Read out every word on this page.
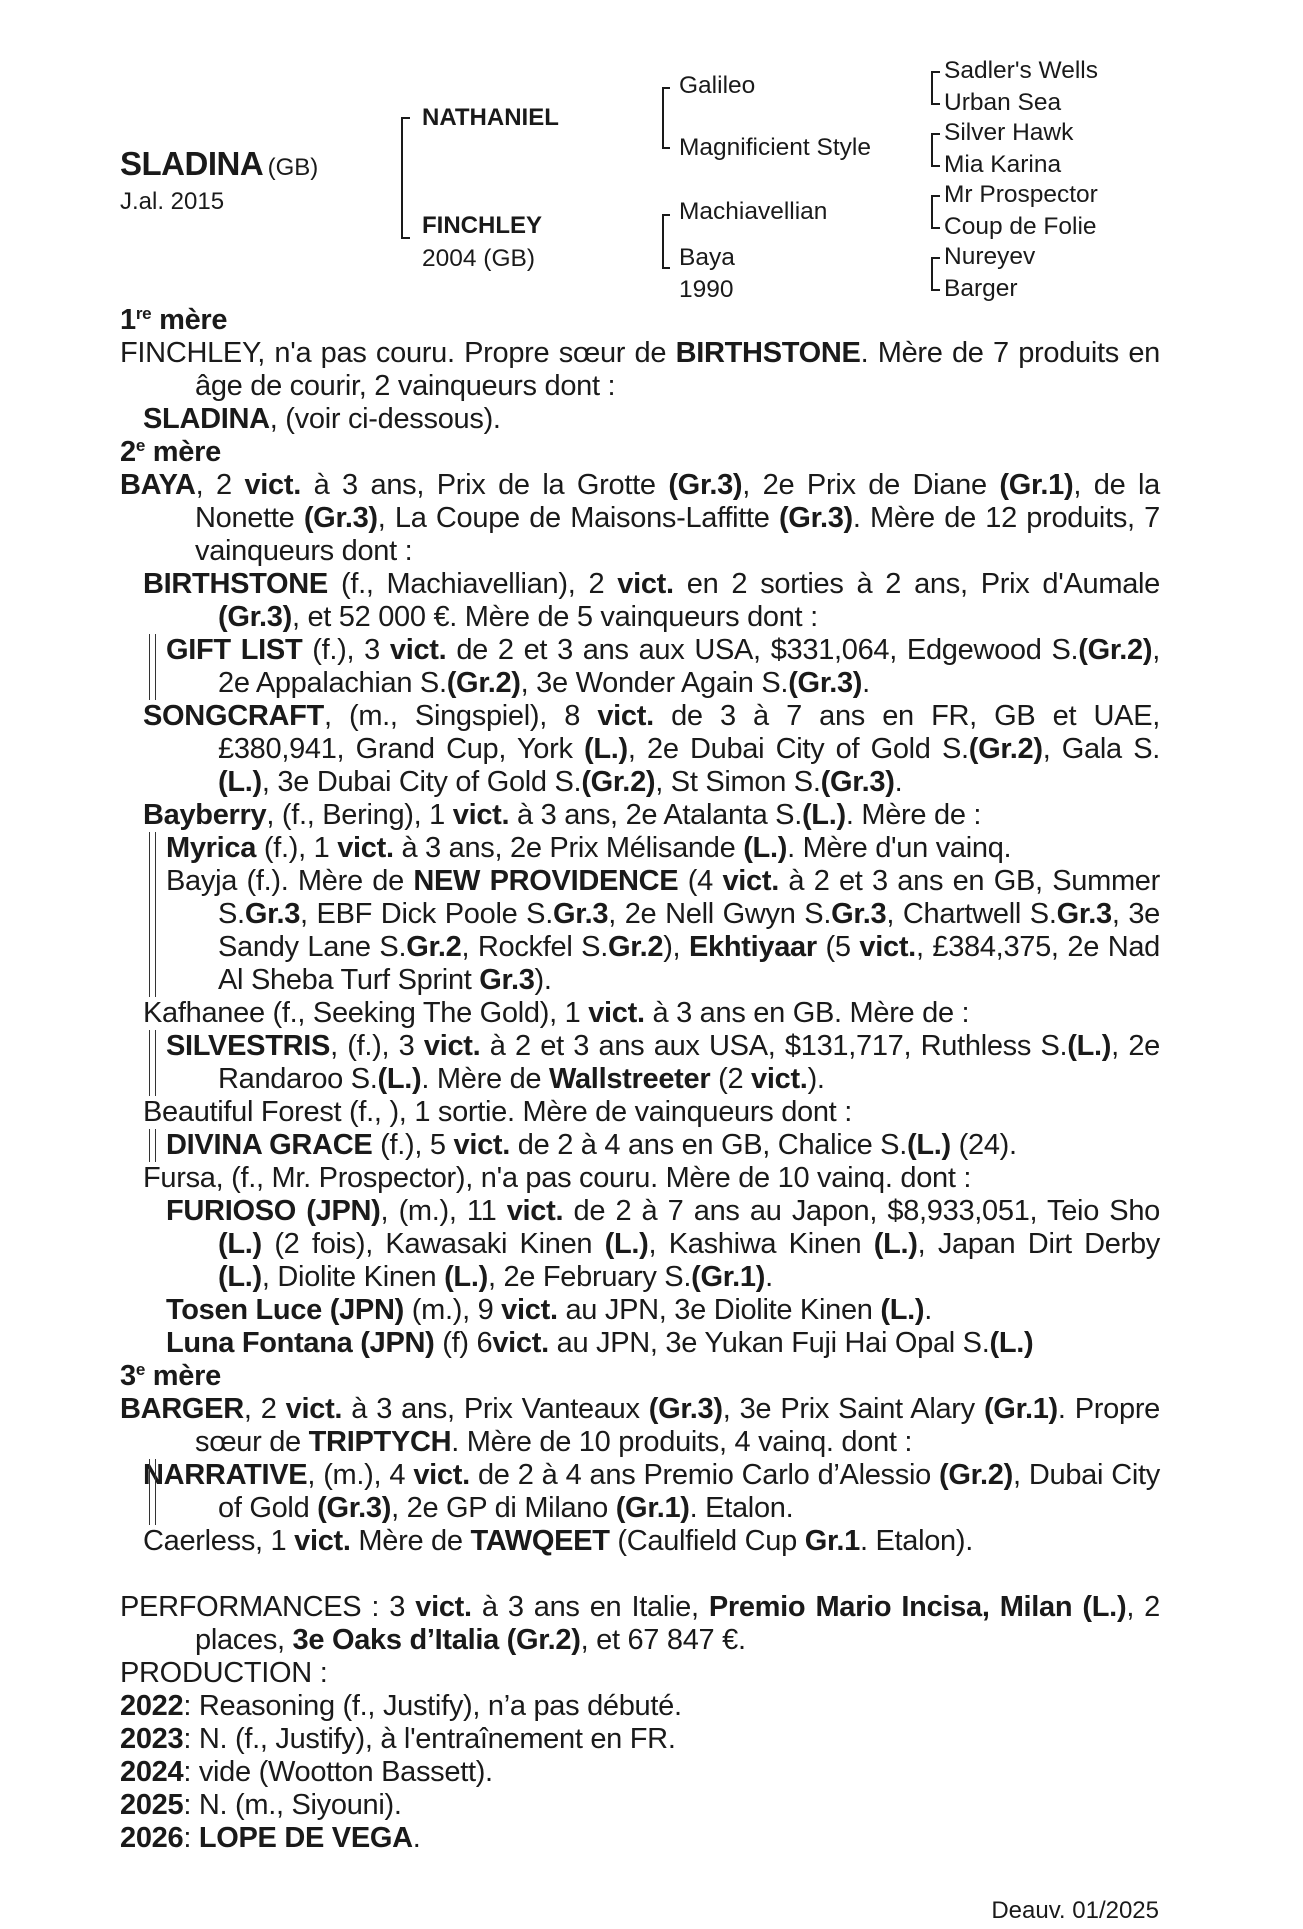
SLADINA (GB)
J.al. 2015
NATHANIEL
FINCHLEY
2004 (GB)
Galileo
Magnificient Style
Machiavellian
Baya
1990
Sadler's Wells
Urban Sea
Silver Hawk
Mia Karina
Mr Prospector
Coup de Folie
Nureyev
Barger

1re mère

FINCHLEY, n'a pas couru. Propre sœur de BIRTHSTONE. Mère de 7 produits en âge de courir, 2 vainqueurs dont :

SLADINA, (voir ci-dessous).

2e mère

BAYA, 2 vict. à 3 ans, Prix de la Grotte (Gr.3), 2e Prix de Diane (Gr.1), de la Nonette (Gr.3), La Coupe de Maisons-Laffitte (Gr.3). Mère de 12 produits, 7 vainqueurs dont :

BIRTHSTONE (f., Machiavellian), 2 vict. en 2 sorties à 2 ans, Prix d'Aumale (Gr.3), et 52 000 €. Mère de 5 vainqueurs dont :

GIFT LIST (f.), 3 vict. de 2 et 3 ans aux USA, $331,064, Edgewood S.(Gr.2), 2e Appalachian S.(Gr.2), 3e Wonder Again S.(Gr.3).

SONGCRAFT, (m., Singspiel), 8 vict. de 3 à 7 ans en FR, GB et UAE, £380,941, Grand Cup, York (L.), 2e Dubai City of Gold S.(Gr.2), Gala S.(L.), 3e Dubai City of Gold S.(Gr.2), St Simon S.(Gr.3).

Bayberry, (f., Bering), 1 vict. à 3 ans, 2e Atalanta S.(L.). Mère de :

Myrica (f.), 1 vict. à 3 ans, 2e Prix Mélisande (L.). Mère d'un vainq.

Bayja (f.). Mère de NEW PROVIDENCE (4 vict. à 2 et 3 ans en GB, Summer S.Gr.3, EBF Dick Poole S.Gr.3, 2e Nell Gwyn S.Gr.3, Chartwell S.Gr.3, 3e Sandy Lane S.Gr.2, Rockfel S.Gr.2), Ekhtiyaar (5 vict., £384,375, 2e Nad Al Sheba Turf Sprint Gr.3).

Kafhanee (f., Seeking The Gold), 1 vict. à 3 ans en GB. Mère de :

SILVESTRIS, (f.), 3 vict. à 2 et 3 ans aux USA, $131,717, Ruthless S.(L.), 2e Randaroo S.(L.). Mère de Wallstreeter (2 vict.).

Beautiful Forest (f., ), 1 sortie. Mère de vainqueurs dont :

DIVINA GRACE (f.), 5 vict. de 2 à 4 ans en GB, Chalice S.(L.) (24).

Fursa, (f., Mr. Prospector), n'a pas couru. Mère de 10 vainq. dont :

FURIOSO (JPN), (m.), 11 vict. de 2 à 7 ans au Japon, $8,933,051, Teio Sho (L.) (2 fois), Kawasaki Kinen (L.), Kashiwa Kinen (L.), Japan Dirt Derby (L.), Diolite Kinen (L.), 2e February S.(Gr.1).

Tosen Luce (JPN) (m.), 9 vict. au JPN, 3e Diolite Kinen (L.).

Luna Fontana (JPN) (f) 6vict. au JPN, 3e Yukan Fuji Hai Opal S.(L.)

3e mère

BARGER, 2 vict. à 3 ans, Prix Vanteaux (Gr.3), 3e Prix Saint Alary (Gr.1). Propre sœur de TRIPTYCH. Mère de 10 produits, 4 vainq. dont :

NARRATIVE, (m.), 4 vict. de 2 à 4 ans Premio Carlo d’Alessio (Gr.2), Dubai City of Gold (Gr.3), 2e GP di Milano (Gr.1). Etalon.

Caerless, 1 vict. Mère de TAWQEET (Caulfield Cup Gr.1. Etalon).

PERFORMANCES : 3 vict. à 3 ans en Italie, Premio Mario Incisa, Milan (L.), 2 places, 3e Oaks d’Italia (Gr.2), et 67 847 €.

PRODUCTION :

2022: Reasoning (f., Justify), n’a pas débuté.

2023: N. (f., Justify), à l'entraînement en FR.

2024: vide (Wootton Bassett).

2025: N. (m., Siyouni).

2026: LOPE DE VEGA.

Deauv. 01/2025
